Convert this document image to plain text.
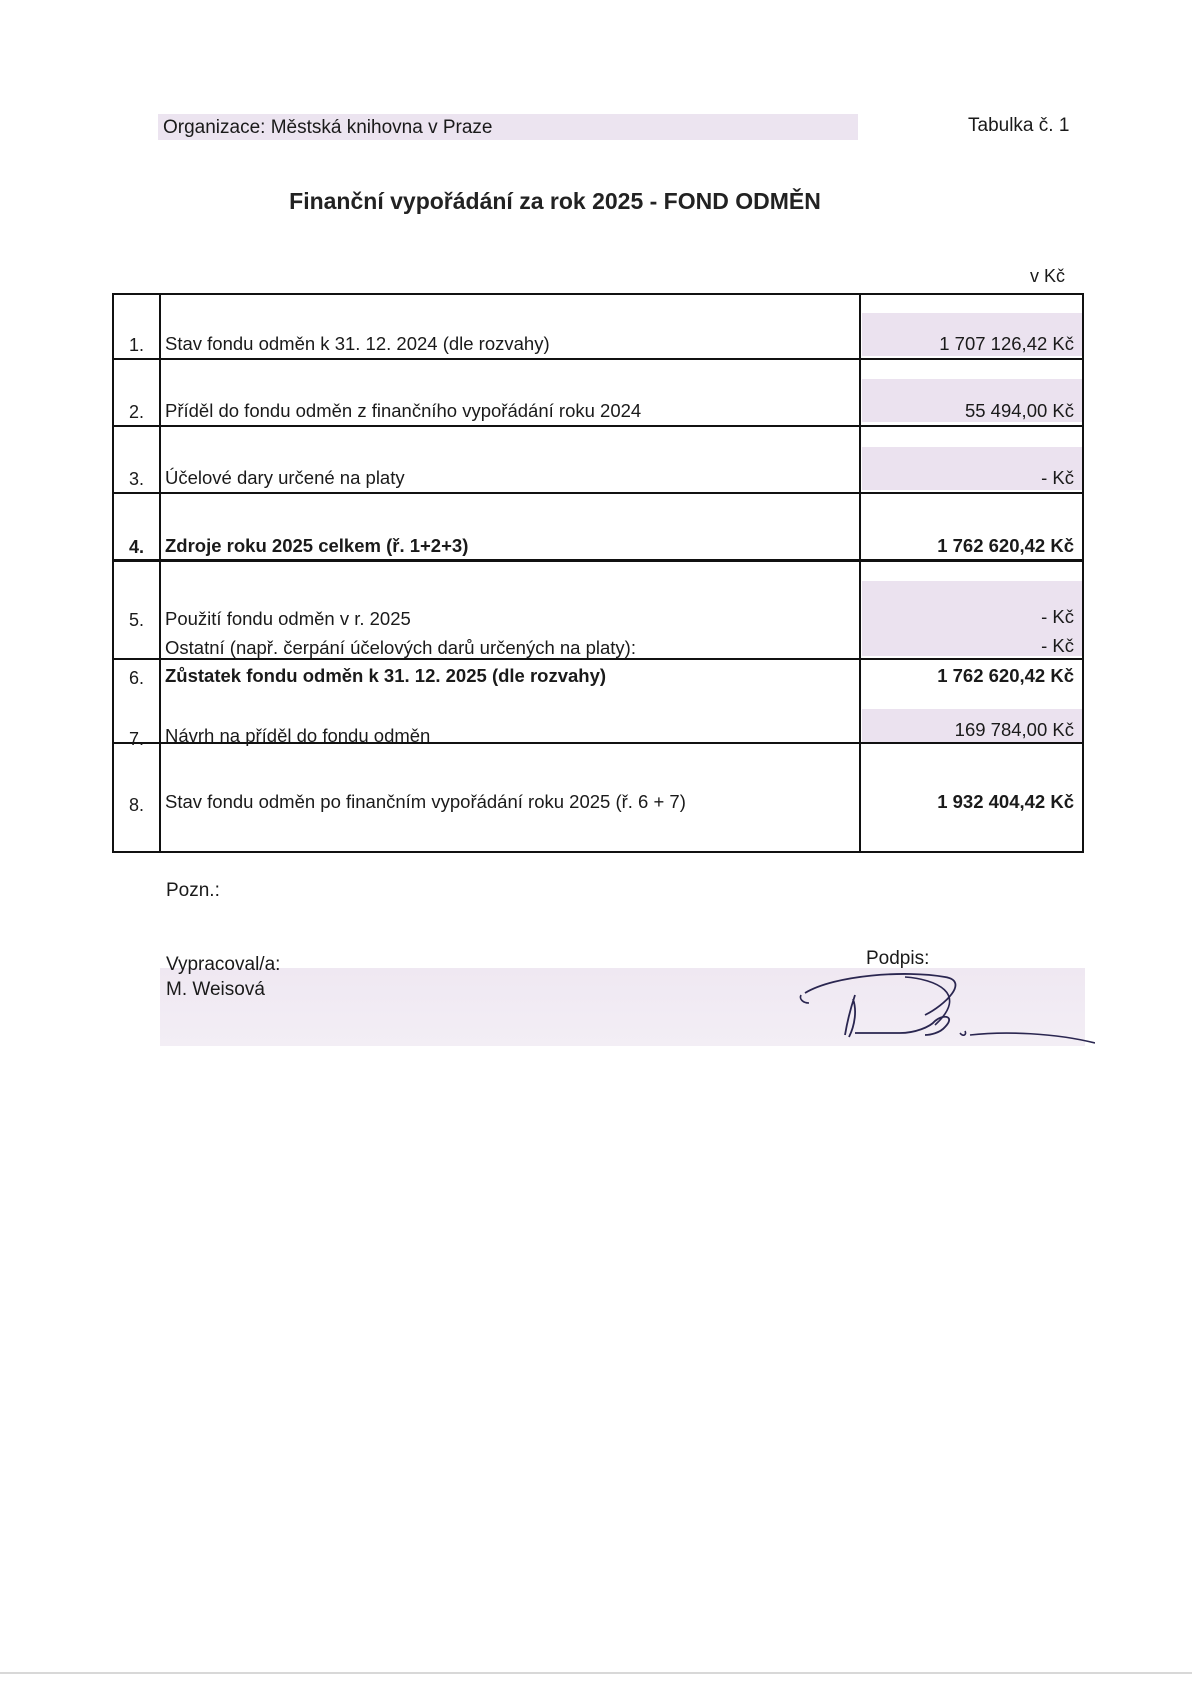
Organizace: Městská knihovna v Praze	Tabulka č. 1
Finanční vypořádání za rok 2025 - FOND ODMĚN
v Kč
1.	Stav fondu odměn k 31. 12. 2024 (dle rozvahy)	1 707 126,42 Kč
2.	Příděl do fondu odměn z finančního vypořádání roku 2024	55 494,00 Kč
3.	Účelové dary určené na platy	- Kč
4.	Zdroje roku 2025 celkem (ř. 1+2+3)	1 762 620,42 Kč
5.	Použití fondu odměn v r. 2025	- Kč
Ostatní (např. čerpání účelových darů určených na platy):	- Kč
6.	Zůstatek fondu odměn k 31. 12. 2025 (dle rozvahy)	1 762 620,42 Kč
7.	Návrh na příděl do fondu odměn	169 784,00 Kč
8.	Stav fondu odměn po finančním vypořádání roku 2025 (ř. 6 + 7)	1 932 404,42 Kč
Pozn.:
Vypracoval/a:
M. Weisová
Podpis:
